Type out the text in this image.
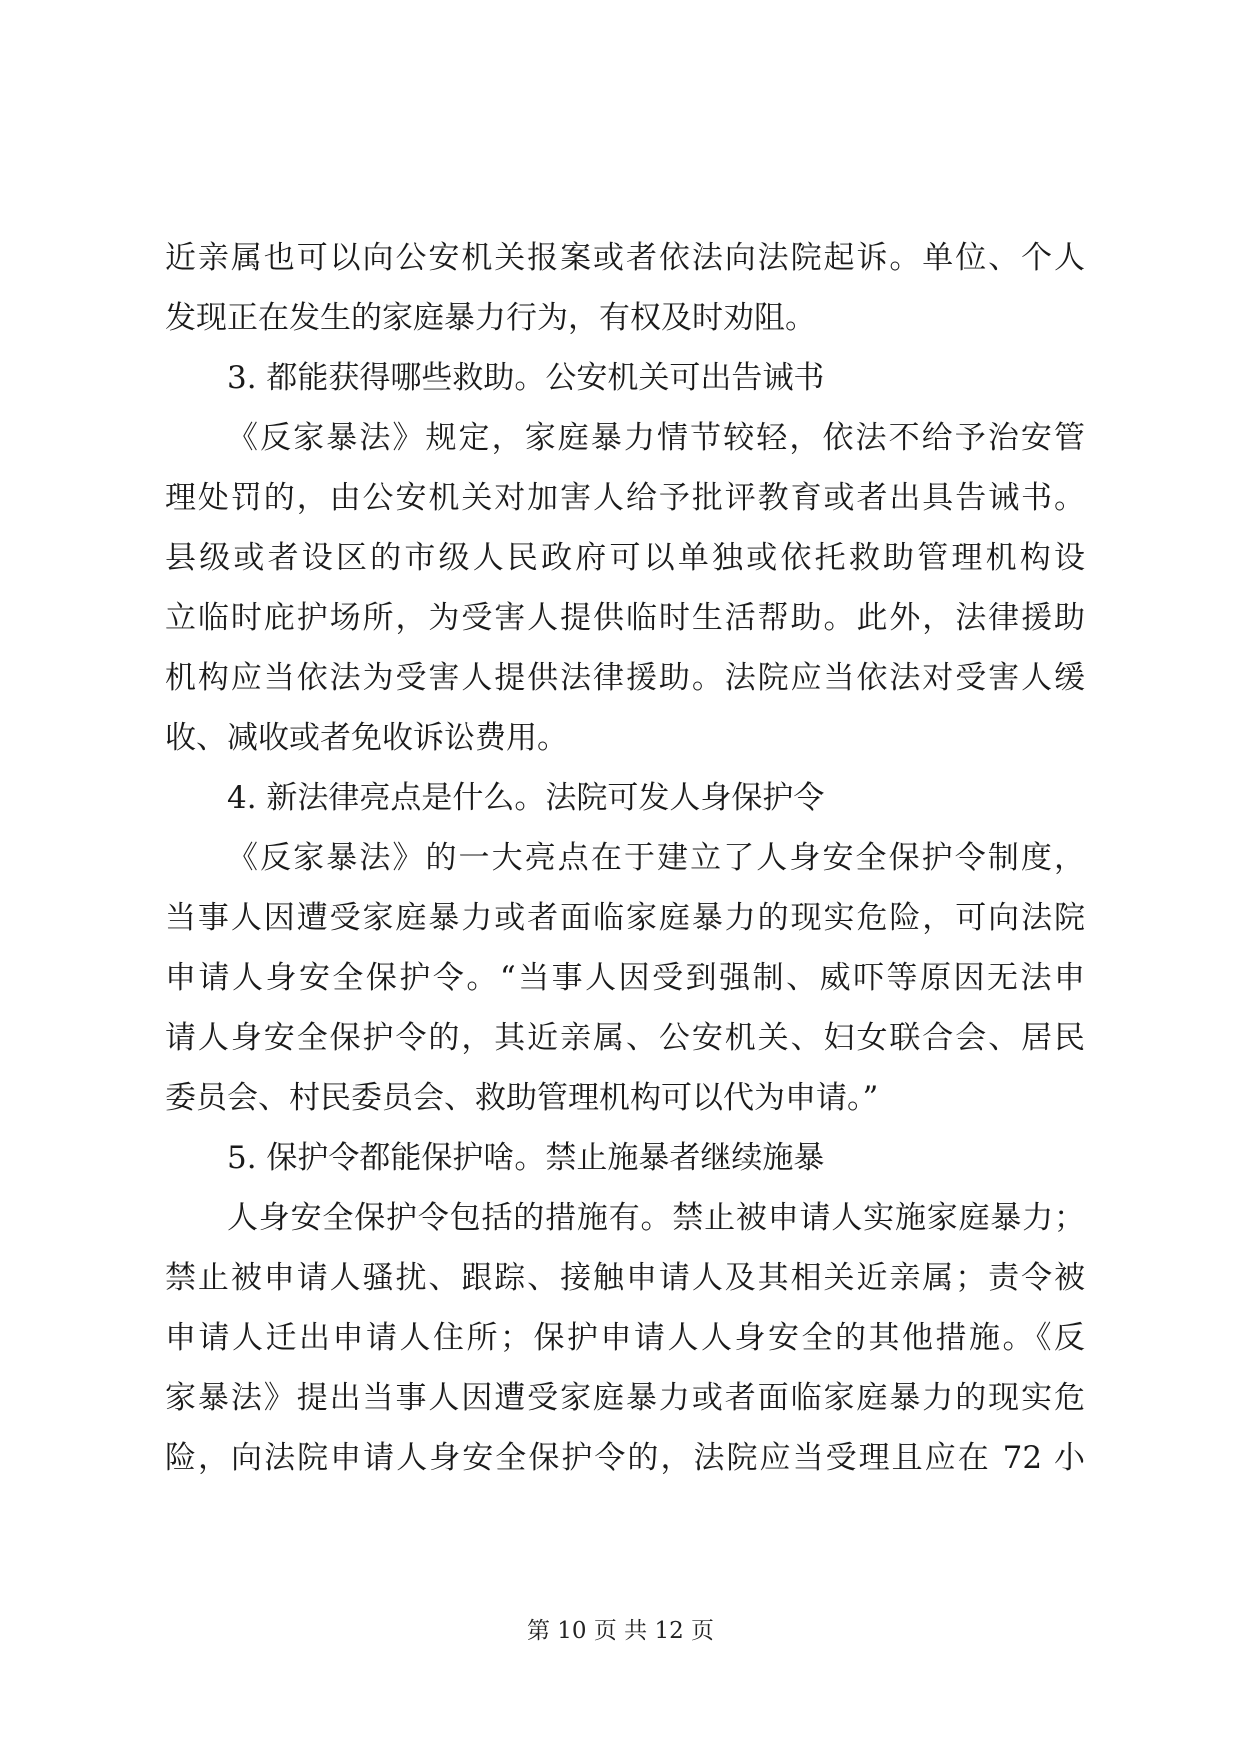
近亲属也可以向公安机关报案或者依法向法院起诉。单位、个人
发现正在发生的家庭暴力行为，有权及时劝阻。
3. 都能获得哪些救助。公安机关可出告诫书
《反家暴法》规定，家庭暴力情节较轻，依法不给予治安管
理处罚的，由公安机关对加害人给予批评教育或者出具告诫书。
县级或者设区的市级人民政府可以单独或依托救助管理机构设
立临时庇护场所，为受害人提供临时生活帮助。此外，法律援助
机构应当依法为受害人提供法律援助。法院应当依法对受害人缓
收、减收或者免收诉讼费用。
4. 新法律亮点是什么。法院可发人身保护令
《反家暴法》的一大亮点在于建立了人身安全保护令制度，
当事人因遭受家庭暴力或者面临家庭暴力的现实危险，可向法院
申请人身安全保护令。“当事人因受到强制、威吓等原因无法申
请人身安全保护令的，其近亲属、公安机关、妇女联合会、居民
委员会、村民委员会、救助管理机构可以代为申请。”
5. 保护令都能保护啥。禁止施暴者继续施暴
人身安全保护令包括的措施有。禁止被申请人实施家庭暴力；
禁止被申请人骚扰、跟踪、接触申请人及其相关近亲属；责令被
申请人迁出申请人住所；保护申请人人身安全的其他措施。《反
家暴法》提出当事人因遭受家庭暴力或者面临家庭暴力的现实危
险，向法院申请人身安全保护令的，法院应当受理且应在 72 小
第 10 页 共 12 页
